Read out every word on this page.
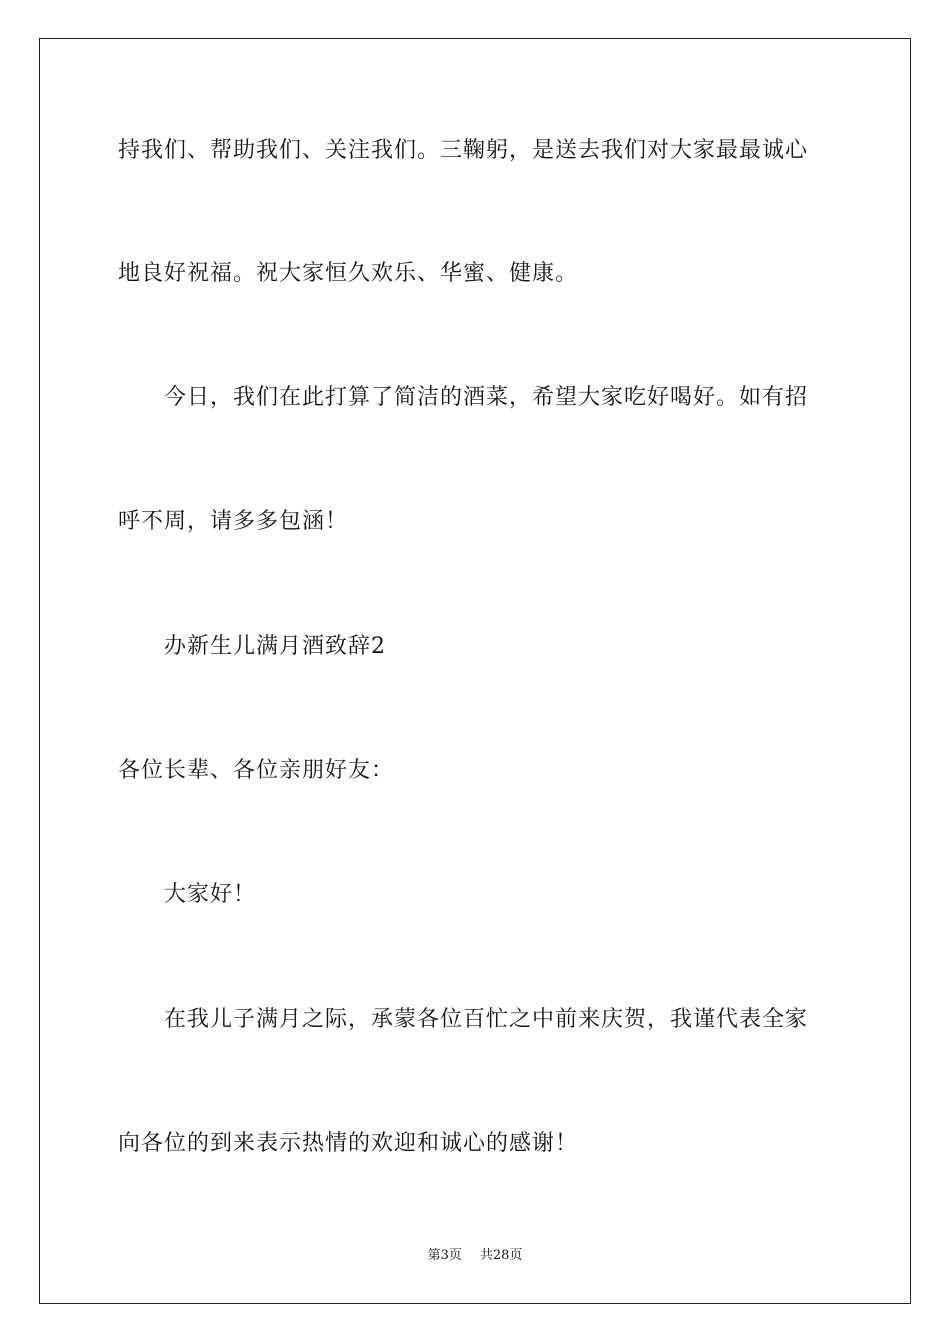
持我们、帮助我们、关注我们。三鞠躬，是送去我们对大家最最诚心
地良好祝福。祝大家恒久欢乐、华蜜、健康。
今日，我们在此打算了简洁的酒菜，希望大家吃好喝好。如有招
呼不周，请多多包涵！
办新生儿满月酒致辞2
各位长辈、各位亲朋好友：
大家好！
在我儿子满月之际，承蒙各位百忙之中前来庆贺，我谨代表全家
向各位的到来表示热情的欢迎和诚心的感谢！
第3页 共28页
